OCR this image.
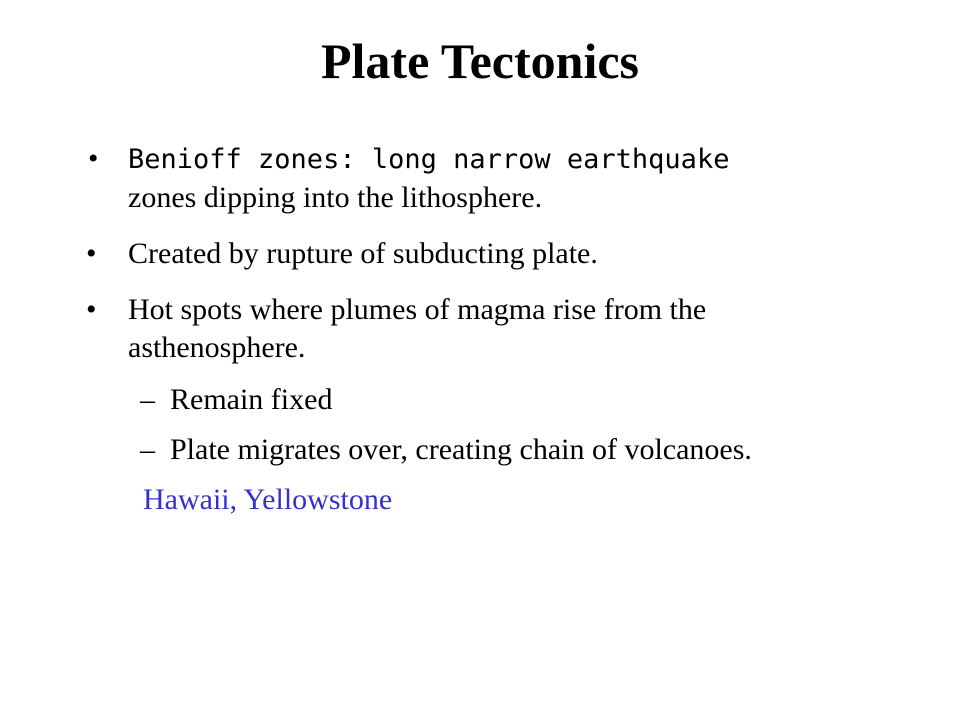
Plate Tectonics
• Benioff zones: long narrow earthquake
zones dipping into the lithosphere.
• Created by rupture of subducting plate.
• Hot spots where plumes of magma rise from the asthenosphere.
– Remain fixed
– Plate migrates over, creating chain of volcanoes.
Hawaii, Yellowstone
